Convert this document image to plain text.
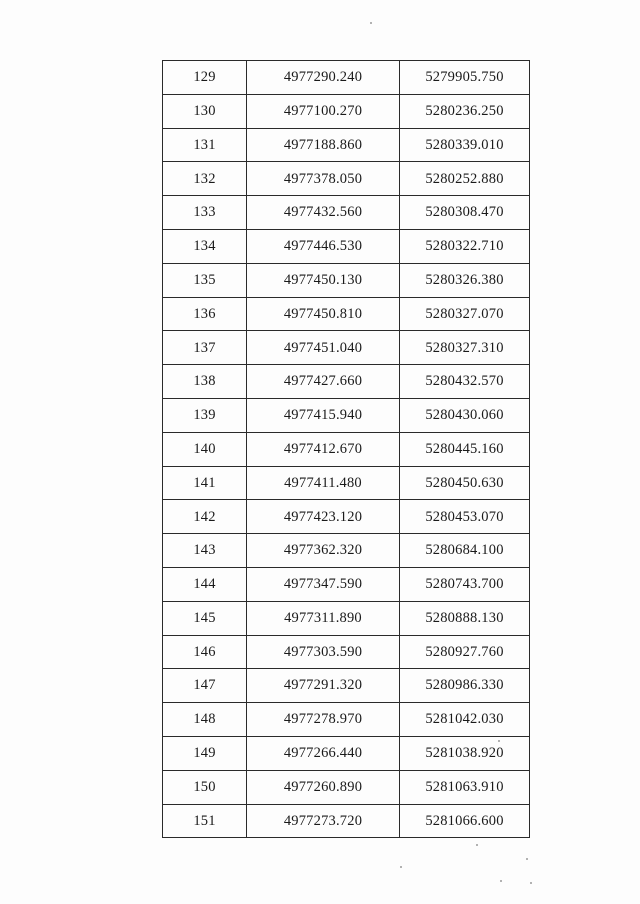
129	4977290.240	5279905.750
130	4977100.270	5280236.250
131	4977188.860	5280339.010
132	4977378.050	5280252.880
133	4977432.560	5280308.470
134	4977446.530	5280322.710
135	4977450.130	5280326.380
136	4977450.810	5280327.070
137	4977451.040	5280327.310
138	4977427.660	5280432.570
139	4977415.940	5280430.060
140	4977412.670	5280445.160
141	4977411.480	5280450.630
142	4977423.120	5280453.070
143	4977362.320	5280684.100
144	4977347.590	5280743.700
145	4977311.890	5280888.130
146	4977303.590	5280927.760
147	4977291.320	5280986.330
148	4977278.970	5281042.030
149	4977266.440	5281038.920
150	4977260.890	5281063.910
151	4977273.720	5281066.600
